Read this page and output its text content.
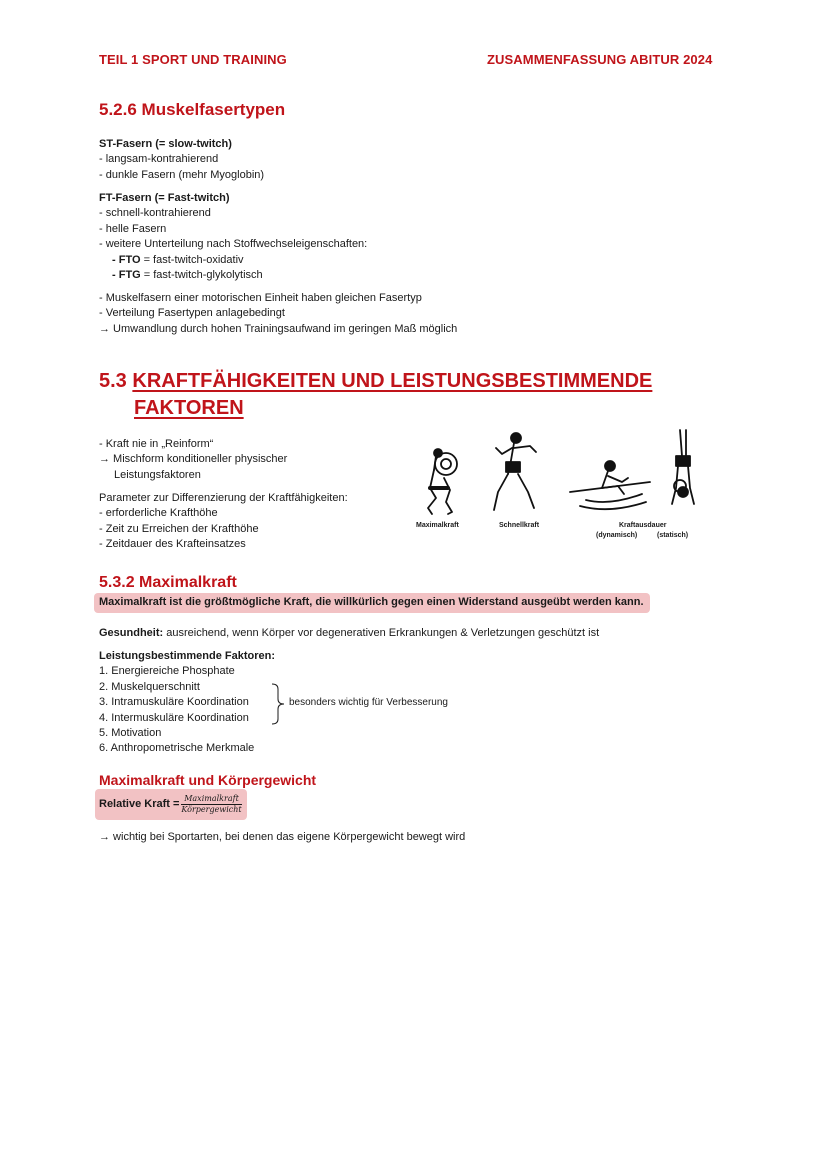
TEIL 1 SPORT UND TRAINING	ZUSAMMENFASSUNG ABITUR 2024
5.2.6 Muskelfasertypen
ST-Fasern (= slow-twitch)
- langsam-kontrahierend
- dunkle Fasern (mehr Myoglobin)
FT-Fasern (= Fast-twitch)
- schnell-kontrahierend
- helle Fasern
- weitere Unterteilung nach Stoffwechseleigenschaften:
- FTO = fast-twitch-oxidativ
- FTG = fast-twitch-glykolytisch
- Muskelfasern einer motorischen Einheit haben gleichen Fasertyp
- Verteilung Fasertypen anlagebedingt
→ Umwandlung durch hohen Trainingsaufwand im geringen Maß möglich
5.3 KRAFTFÄHIGKEITEN UND LEISTUNGSBESTIMMENDE
FAKTOREN
- Kraft nie in „Reinform“
→ Mischform konditioneller physischer
Leistungsfaktoren
Parameter zur Differenzierung der Kraftfähigkeiten:
- erforderliche Krafthöhe
- Zeit zu Erreichen der Krafthöhe
- Zeitdauer des Krafteinsatzes
Maximalkraft	Schnellkraft	Kraftausdauer
(dynamisch)	(statisch)
5.3.2 Maximalkraft
Maximalkraft ist die größtmögliche Kraft, die willkürlich gegen einen Widerstand ausgeübt werden kann.
Gesundheit: ausreichend, wenn Körper vor degenerativen Erkrankungen & Verletzungen geschützt ist
Leistungsbestimmende Faktoren:
1. Energiereiche Phosphate
2. Muskelquerschnitt
3. Intramuskuläre Koordination
4. Intermuskuläre Koordination
5. Motivation
6. Anthropometrische Merkmale
besonders wichtig für Verbesserung
Maximalkraft und Körpergewicht
Relative Kraft = $\frac{\text{Maximalkraft}}{\text{Körpergewicht}}$
→ wichtig bei Sportarten, bei denen das eigene Körpergewicht bewegt wird
